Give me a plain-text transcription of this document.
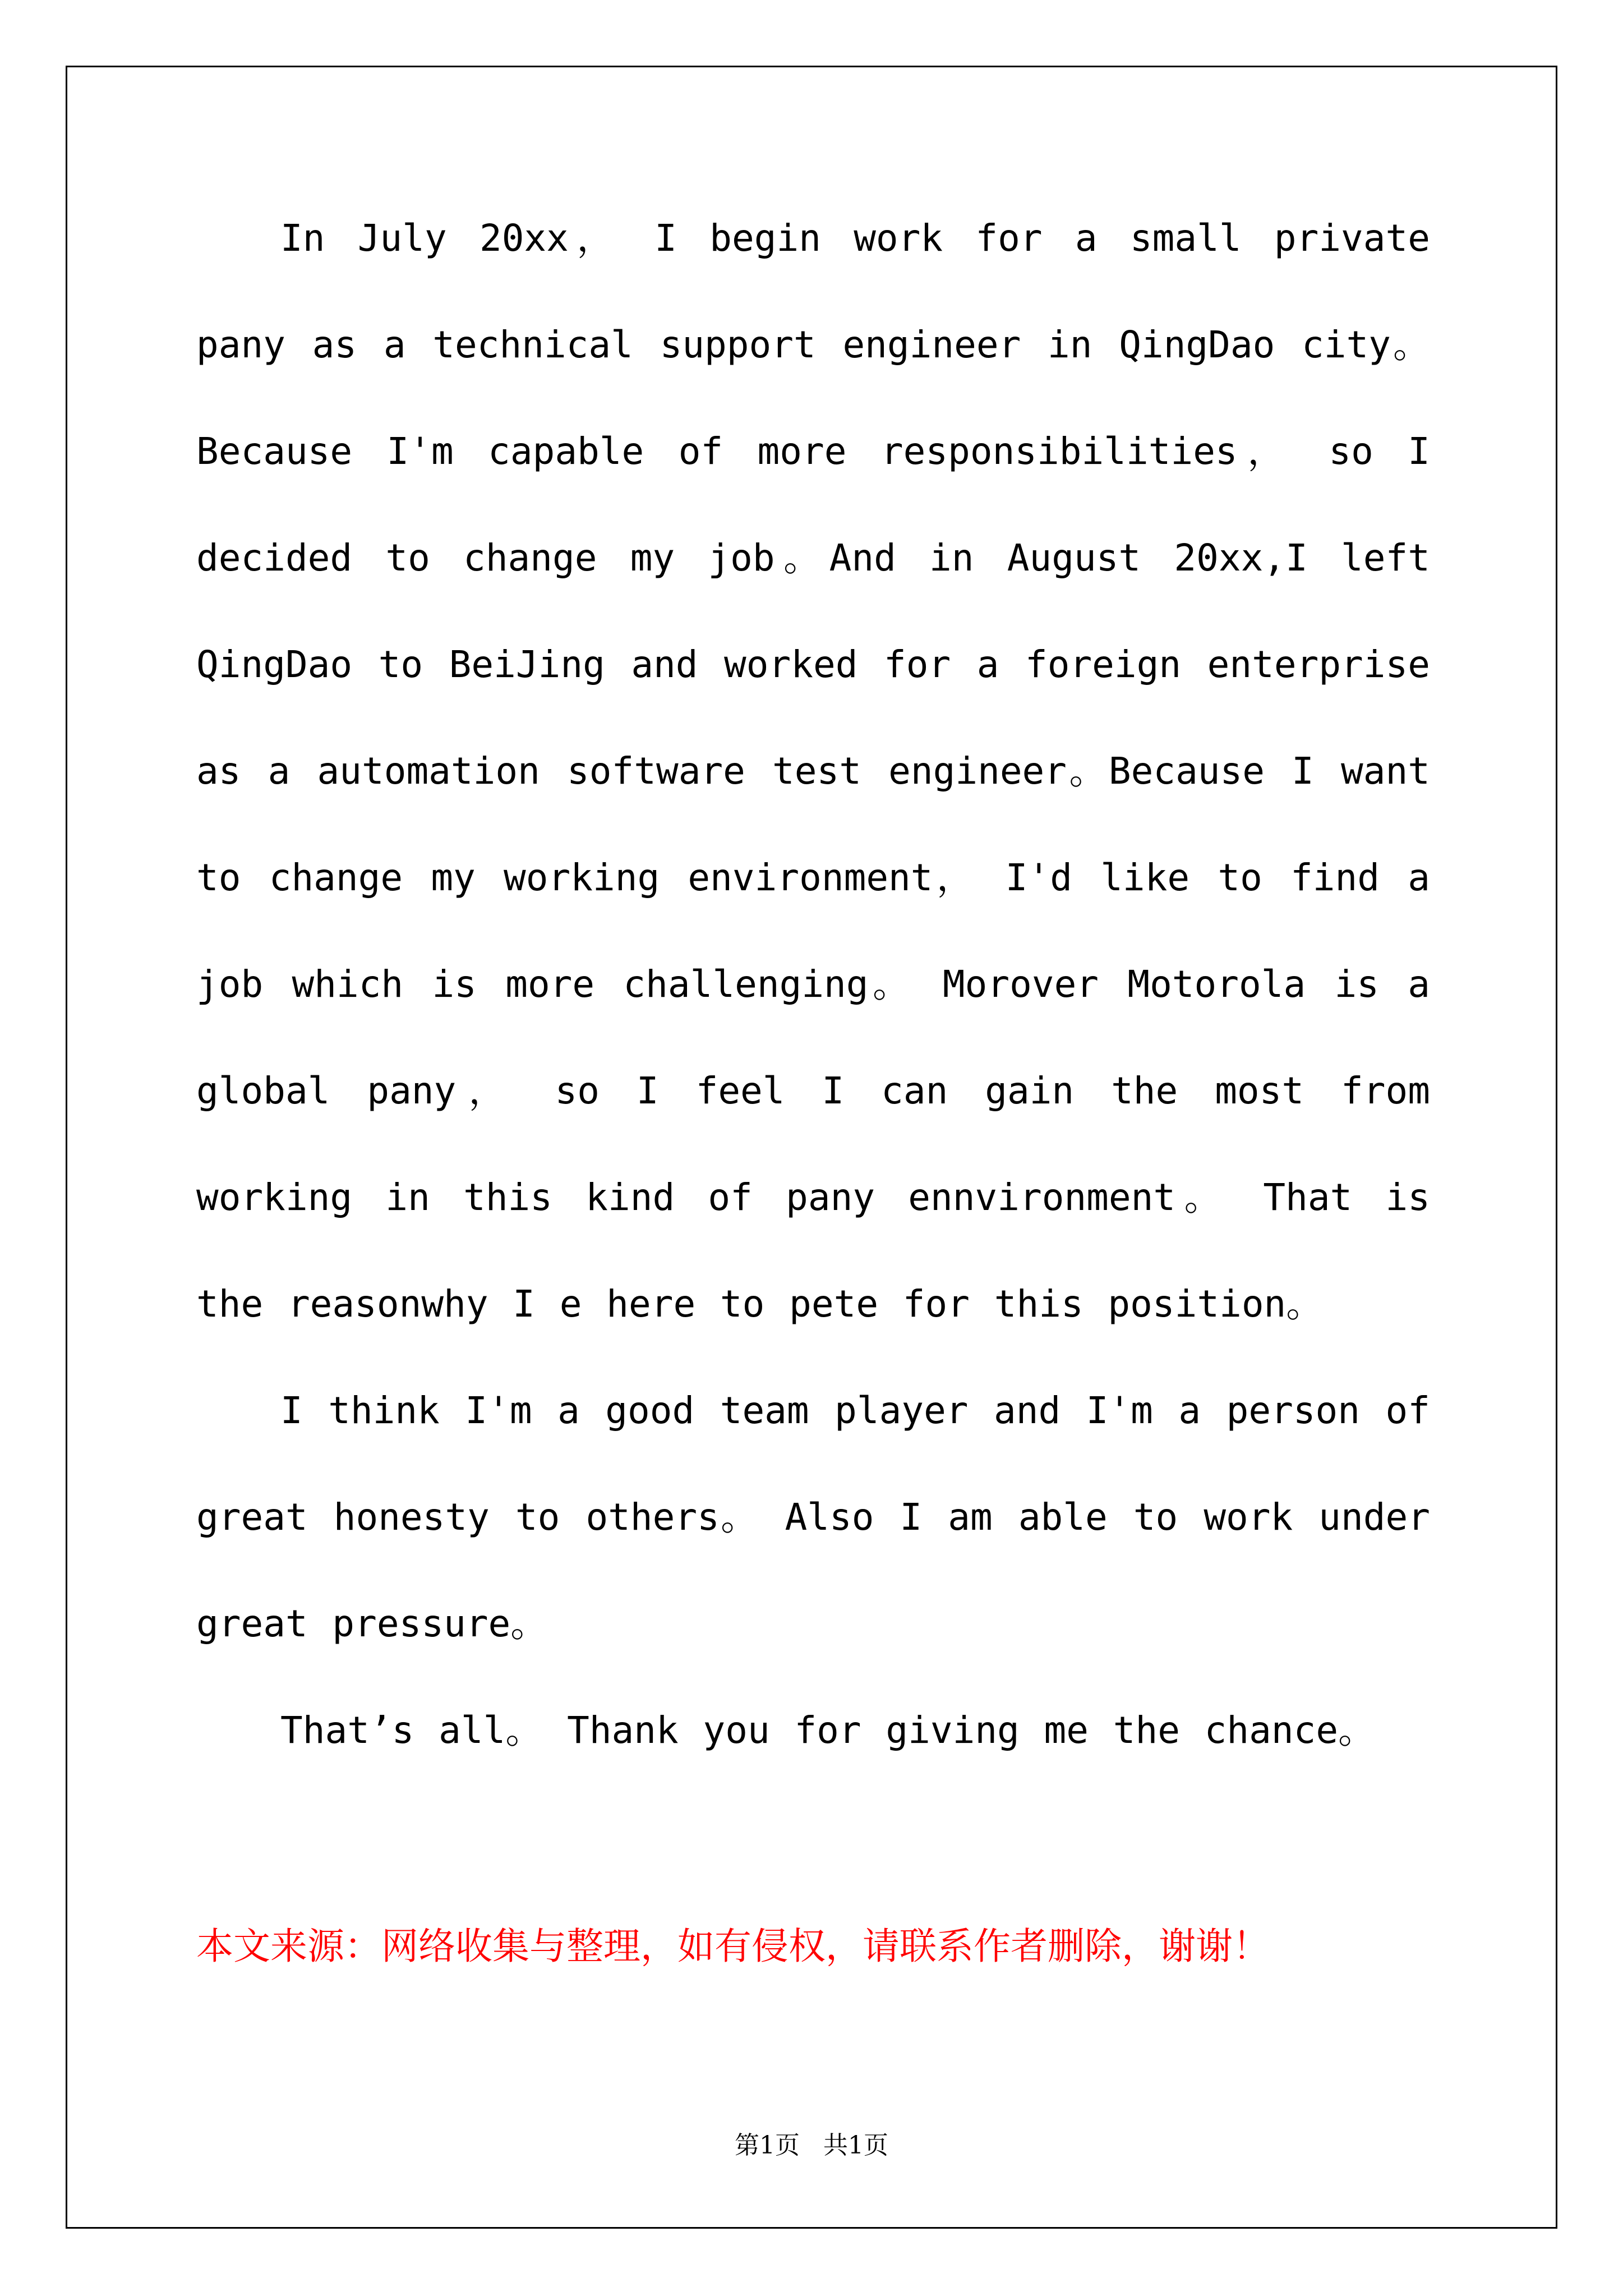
In July 20xx， I begin work for a small private pany as a technical support engineer in QingDao city。Because I'm capable of more responsibilities， so I decided to change my job。And in August 20xx,I left QingDao to BeiJing and worked for a foreign enterprise as a automation software test engineer。Because I want to change my working environment， I'd like to find a job which is more challenging。 Morover Motorola is a global pany， so I feel I can gain the most from working in this kind of pany ennvironment。 That is the reasonwhy I e here to pete for this position。

I think I'm a good team player and I'm a person of great honesty to others。 Also I am able to work under great pressure。

That’s all。 Thank you for giving me the chance。

本文来源：网络收集与整理，如有侵权，请联系作者删除，谢谢！
第1页   共1页
